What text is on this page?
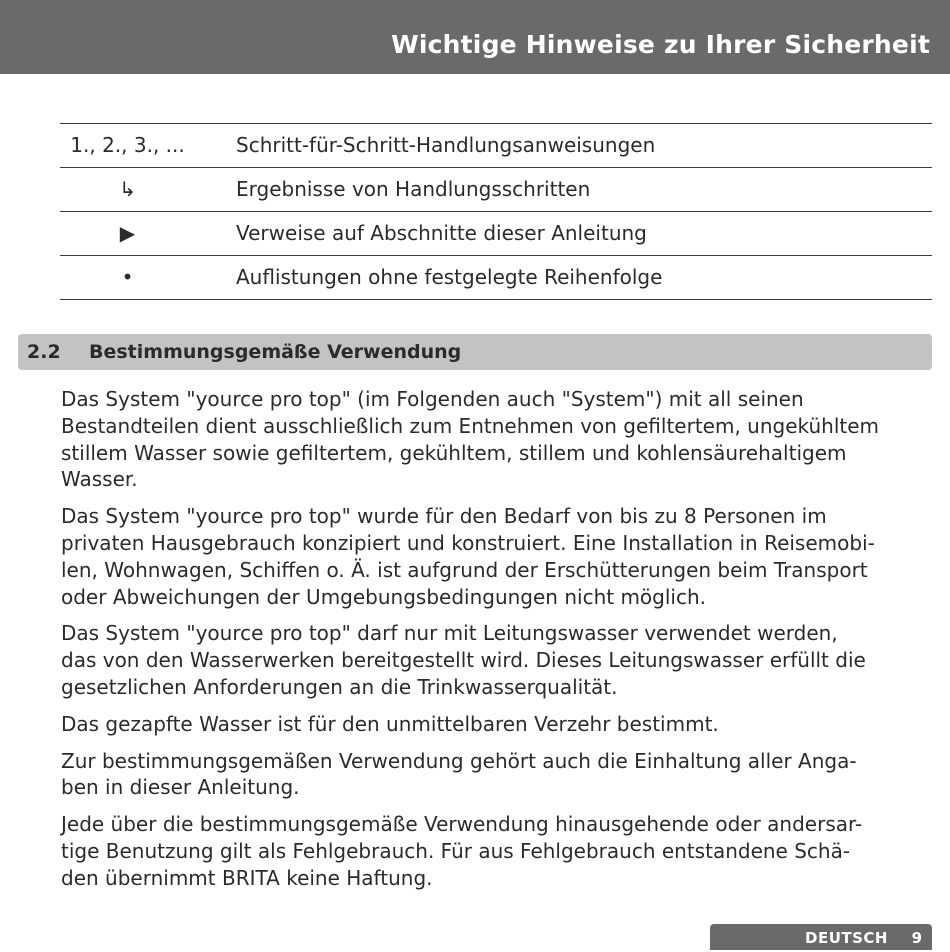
Wichtige Hinweise zu Ihrer Sicherheit
1., 2., 3., ...	Schritt-für-Schritt-Handlungsanweisungen
↳	Ergebnisse von Handlungsschritten
▶	Verweise auf Abschnitte dieser Anleitung
•	Auflistungen ohne festgelegte Reihenfolge
2.2 Bestimmungsgemäße Verwendung

Das System "yource pro top" (im Folgenden auch "System") mit all seinen
Bestandteilen dient ausschließlich zum Entnehmen von gefiltertem, ungekühltem
stillem Wasser sowie gefiltertem, gekühltem, stillem und kohlensäurehaltigem
Wasser.

Das System "yource pro top" wurde für den Bedarf von bis zu 8 Personen im
privaten Hausgebrauch konzipiert und konstruiert. Eine Installation in Reisemobi-
len, Wohnwagen, Schiffen o. Ä. ist aufgrund der Erschütterungen beim Transport
oder Abweichungen der Umgebungsbedingungen nicht möglich.

Das System "yource pro top" darf nur mit Leitungswasser verwendet werden,
das von den Wasserwerken bereitgestellt wird. Dieses Leitungswasser erfüllt die
gesetzlichen Anforderungen an die Trinkwasserqualität.

Das gezapfte Wasser ist für den unmittelbaren Verzehr bestimmt.

Zur bestimmungsgemäßen Verwendung gehört auch die Einhaltung aller Anga-
ben in dieser Anleitung.

Jede über die bestimmungsgemäße Verwendung hinausgehende oder andersar-
tige Benutzung gilt als Fehlgebrauch. Für aus Fehlgebrauch entstandene Schä-
den übernimmt BRITA keine Haftung.

DEUTSCH 9
